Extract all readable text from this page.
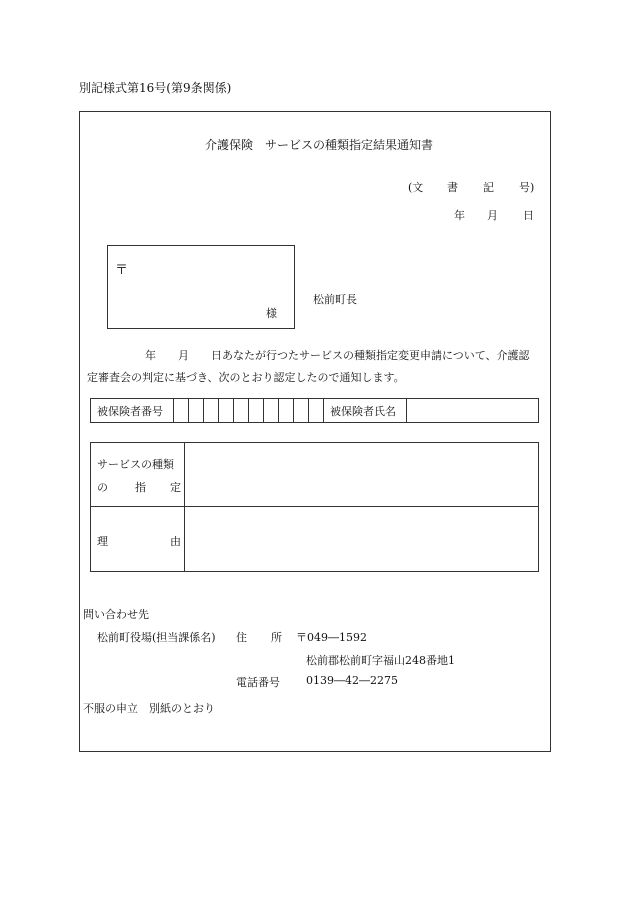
別記様式第16号(第9条関係)
介護保険　サービスの種類指定結果通知書
(文 書 記 号)
年 月 日
〒
様
松前町長
年 月 日あなたが行つたサービスの種類指定変更申請について、介護認
定審査会の判定に基づき、次のとおり認定したので通知します。
被保険者番号											被保険者氏名	
サービスの種類
の 指 定	

理 由	

問い合わせ先
松前町役場(担当課係名) 住 所 〒049―1592
松前郡松前町字福山248番地1
電話番号 0139―42―2275
不服の申立　別紙のとおり
